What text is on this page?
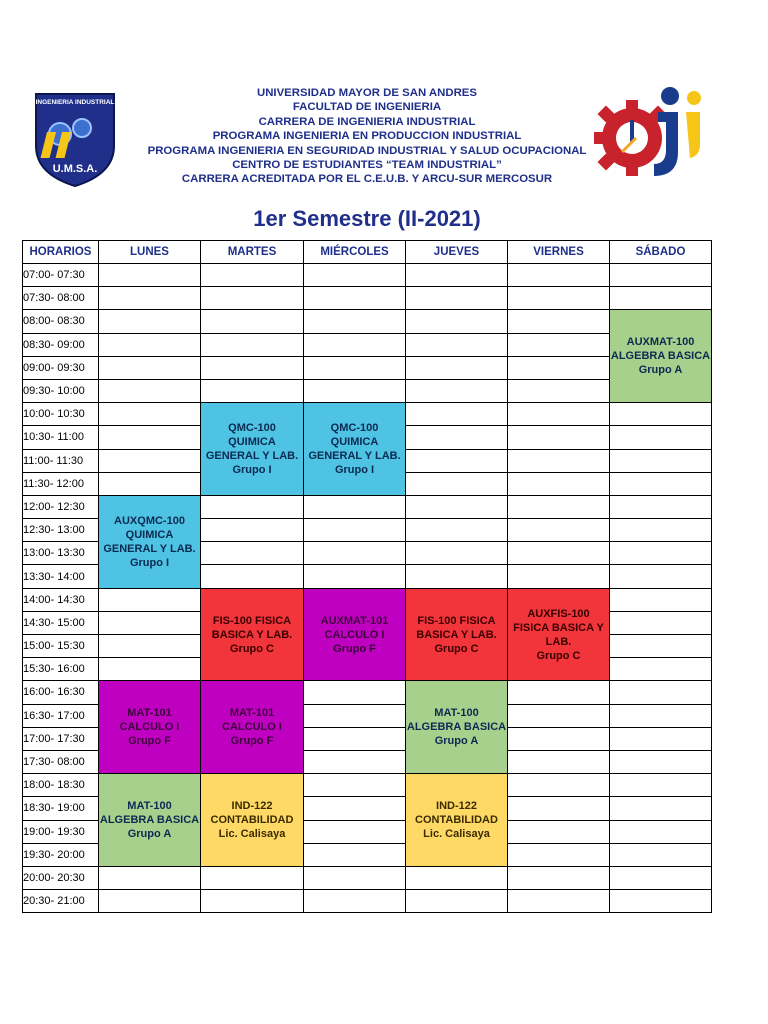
INGENIERIA INDUSTRIAL
U.M.S.A.
UNIVERSIDAD MAYOR DE SAN ANDRES
FACULTAD DE INGENIERIA
CARRERA DE INGENIERIA INDUSTRIAL
PROGRAMA INGENIERIA EN PRODUCCION INDUSTRIAL
PROGRAMA INGENIERIA EN SEGURIDAD INDUSTRIAL Y SALUD OCUPACIONAL
CENTRO DE ESTUDIANTES “TEAM INDUSTRIAL”
CARRERA ACREDITADA POR EL C.E.U.B. Y ARCU-SUR MERCOSUR
1er Semestre (II-2021)
HORARIOS	LUNES	MARTES	MIÉRCOLES	JUEVES	VIERNES	SÁBADO
07:00- 07:30						
07:30- 08:00						
08:00- 08:30						AUXMAT-100
ALGEBRA BASICA
Grupo A

08:30- 09:00						
09:00- 09:30						
09:30- 10:00						
10:00- 10:30		QMC-100
QUIMICA
GENERAL Y LAB.
Grupo I	QMC-100
QUIMICA
GENERAL Y LAB.
Grupo I			

10:30- 11:00						
11:00- 11:30						
11:30- 12:00						
12:00- 12:30	AUXQMC-100
QUIMICA
GENERAL Y LAB.
Grupo I					

12:30- 13:00						
13:00- 13:30						
13:30- 14:00						
14:00- 14:30		FIS-100 FISICA
BASICA Y LAB.
Grupo C	AUXMAT-101
CALCULO I
Grupo F	FIS-100 FISICA
BASICA Y LAB.
Grupo C	AUXFIS-100
FISICA BASICA Y
LAB.
Grupo C	

14:30- 15:00						
15:00- 15:30						
15:30- 16:00						
16:00- 16:30	MAT-101
CALCULO I
Grupo F	MAT-101
CALCULO I
Grupo F		MAT-100
ALGEBRA BASICA
Grupo A		

16:30- 17:00						
17:00- 17:30						
17:30- 08:00						
18:00- 18:30	MAT-100
ALGEBRA BASICA
Grupo A	IND-122
CONTABILIDAD
Lic. Calisaya		IND-122
CONTABILIDAD
Lic. Calisaya		

18:30- 19:00						
19:00- 19:30						
19:30- 20:00						
20:00- 20:30						
20:30- 21:00						
